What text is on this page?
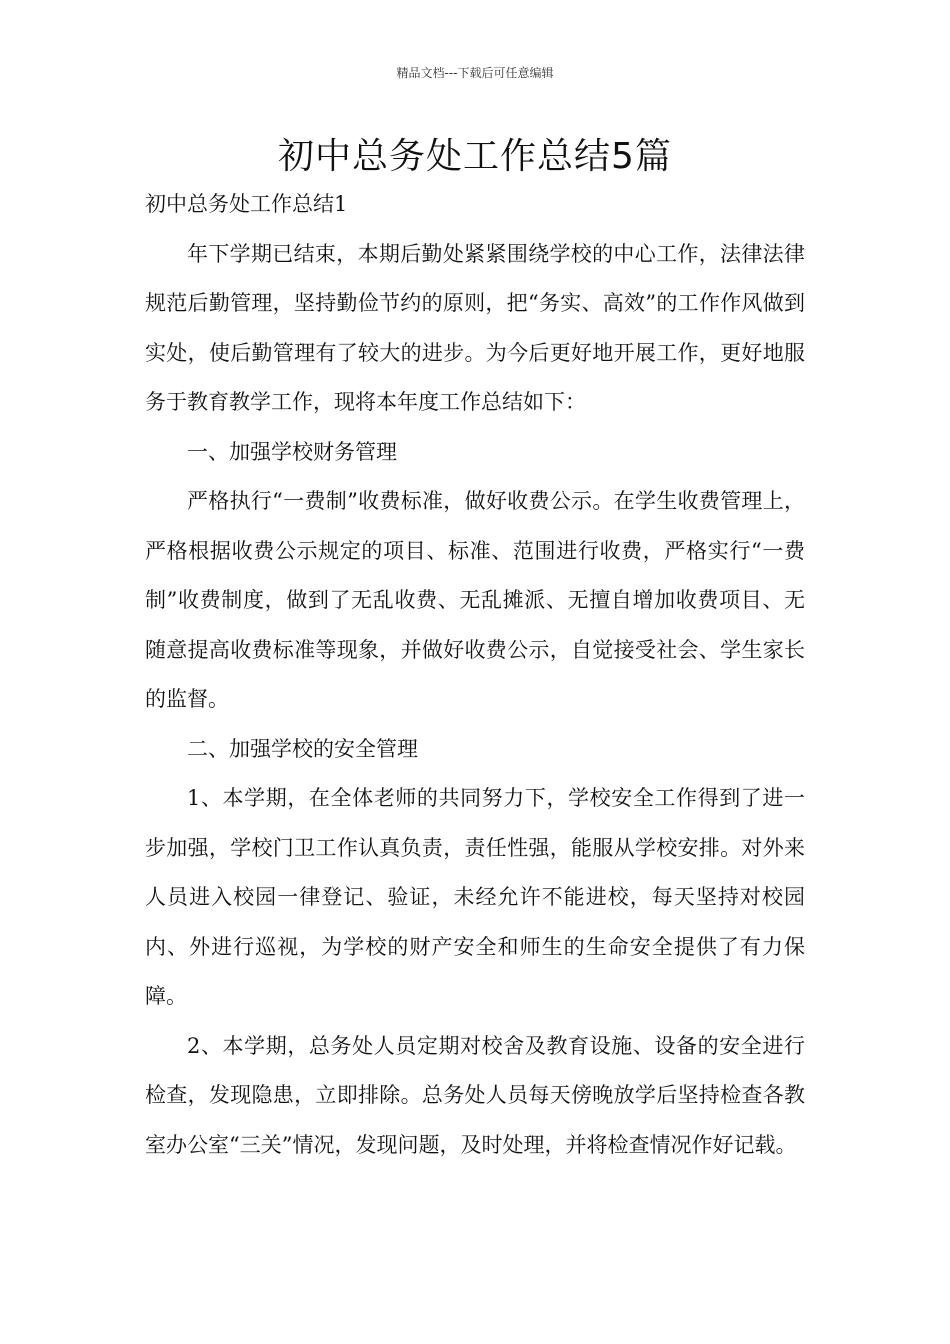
精品文档---下载后可任意编辑
初中总务处工作总结5篇

初中总务处工作总结1

年下学期已结束，本期后勤处紧紧围绕学校的中心工作，法律法律规范后勤管理，坚持勤俭节约的原则，把“务实、高效”的工作作风做到实处，使后勤管理有了较大的进步。为今后更好地开展工作，更好地服务于教育教学工作，现将本年度工作总结如下：

一、加强学校财务管理

严格执行“一费制”收费标准，做好收费公示。在学生收费管理上，严格根据收费公示规定的项目、标准、范围进行收费，严格实行“一费制”收费制度，做到了无乱收费、无乱摊派、无擅自增加收费项目、无随意提高收费标准等现象，并做好收费公示，自觉接受社会、学生家长的监督。

二、加强学校的安全管理

1、本学期，在全体老师的共同努力下，学校安全工作得到了进一步加强，学校门卫工作认真负责，责任性强，能服从学校安排。对外来人员进入校园一律登记、验证，未经允许不能进校，每天坚持对校园内、外进行巡视，为学校的财产安全和师生的生命安全提供了有力保障。

2、本学期，总务处人员定期对校舍及教育设施、设备的安全进行检查，发现隐患，立即排除。总务处人员每天傍晚放学后坚持检查各教室办公室“三关”情况，发现问题，及时处理，并将检查情况作好记载。
